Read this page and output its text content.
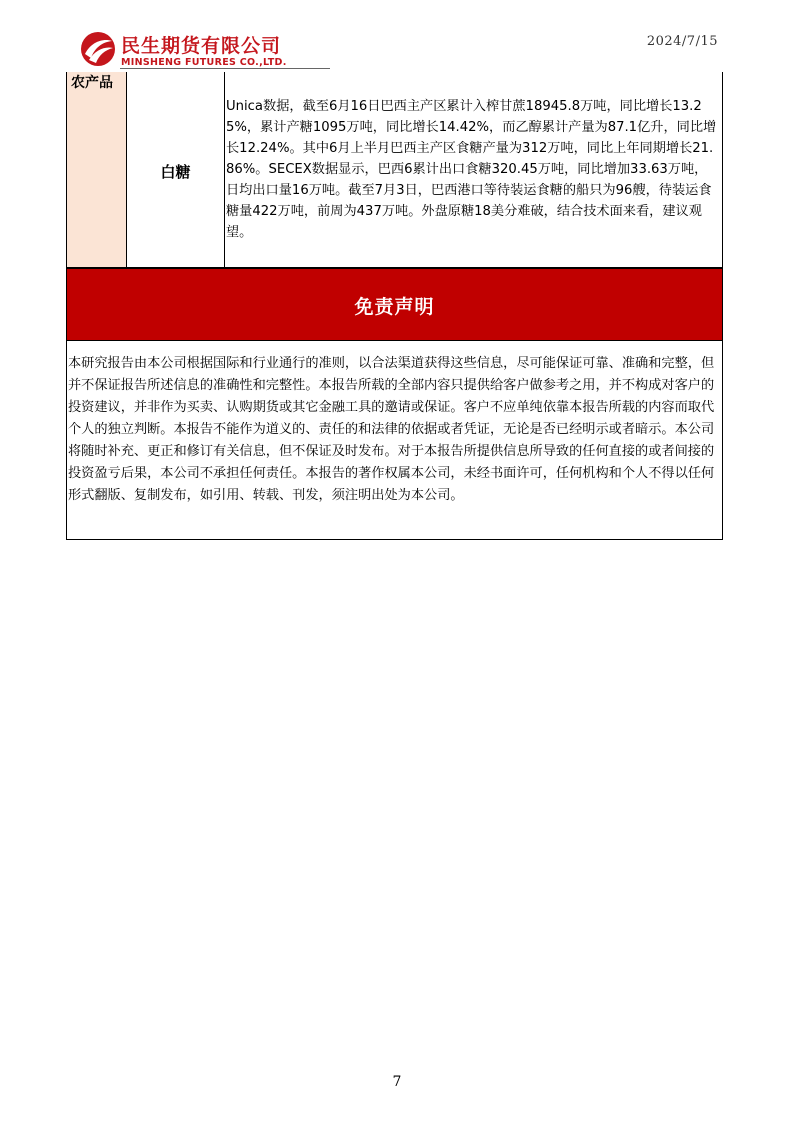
民生期货有限公司
MINSHENG FUTURES CO.,LTD.
2024/7/15
农产品
白糖
Unica数据，截至6月16日巴西主产区累计入榨甘蔗18945.8万吨，同比增长13.25%，累计产糖1095万吨，同比增长14.42%，而乙醇累计产量为87.1亿升，同比增长12.24%。其中6月上半月巴西主产区食糖产量为312万吨，同比上年同期增长21.86%。SECEX数据显示，巴西6累计出口食糖320.45万吨，同比增加33.63万吨，日均出口量16万吨。截至7月3日，巴西港口等待装运食糖的船只为96艘，待装运食糖量422万吨，前周为437万吨。外盘原糖18美分难破，结合技术面来看，建议观望。
免责声明
本研究报告由本公司根据国际和行业通行的准则，以合法渠道获得这些信息，尽可能保证可靠、准确和完整，但并不保证报告所述信息的准确性和完整性。本报告所载的全部内容只提供给客户做参考之用，并不构成对客户的投资建议，并非作为买卖、认购期货或其它金融工具的邀请或保证。客户不应单纯依靠本报告所载的内容而取代个人的独立判断。本报告不能作为道义的、责任的和法律的依据或者凭证，无论是否已经明示或者暗示。本公司将随时补充、更正和修订有关信息，但不保证及时发布。对于本报告所提供信息所导致的任何直接的或者间接的投资盈亏后果，本公司不承担任何责任。本报告的著作权属本公司，未经书面许可，任何机构和个人不得以任何形式翻版、复制发布，如引用、转载、刊发，须注明出处为本公司。
7
